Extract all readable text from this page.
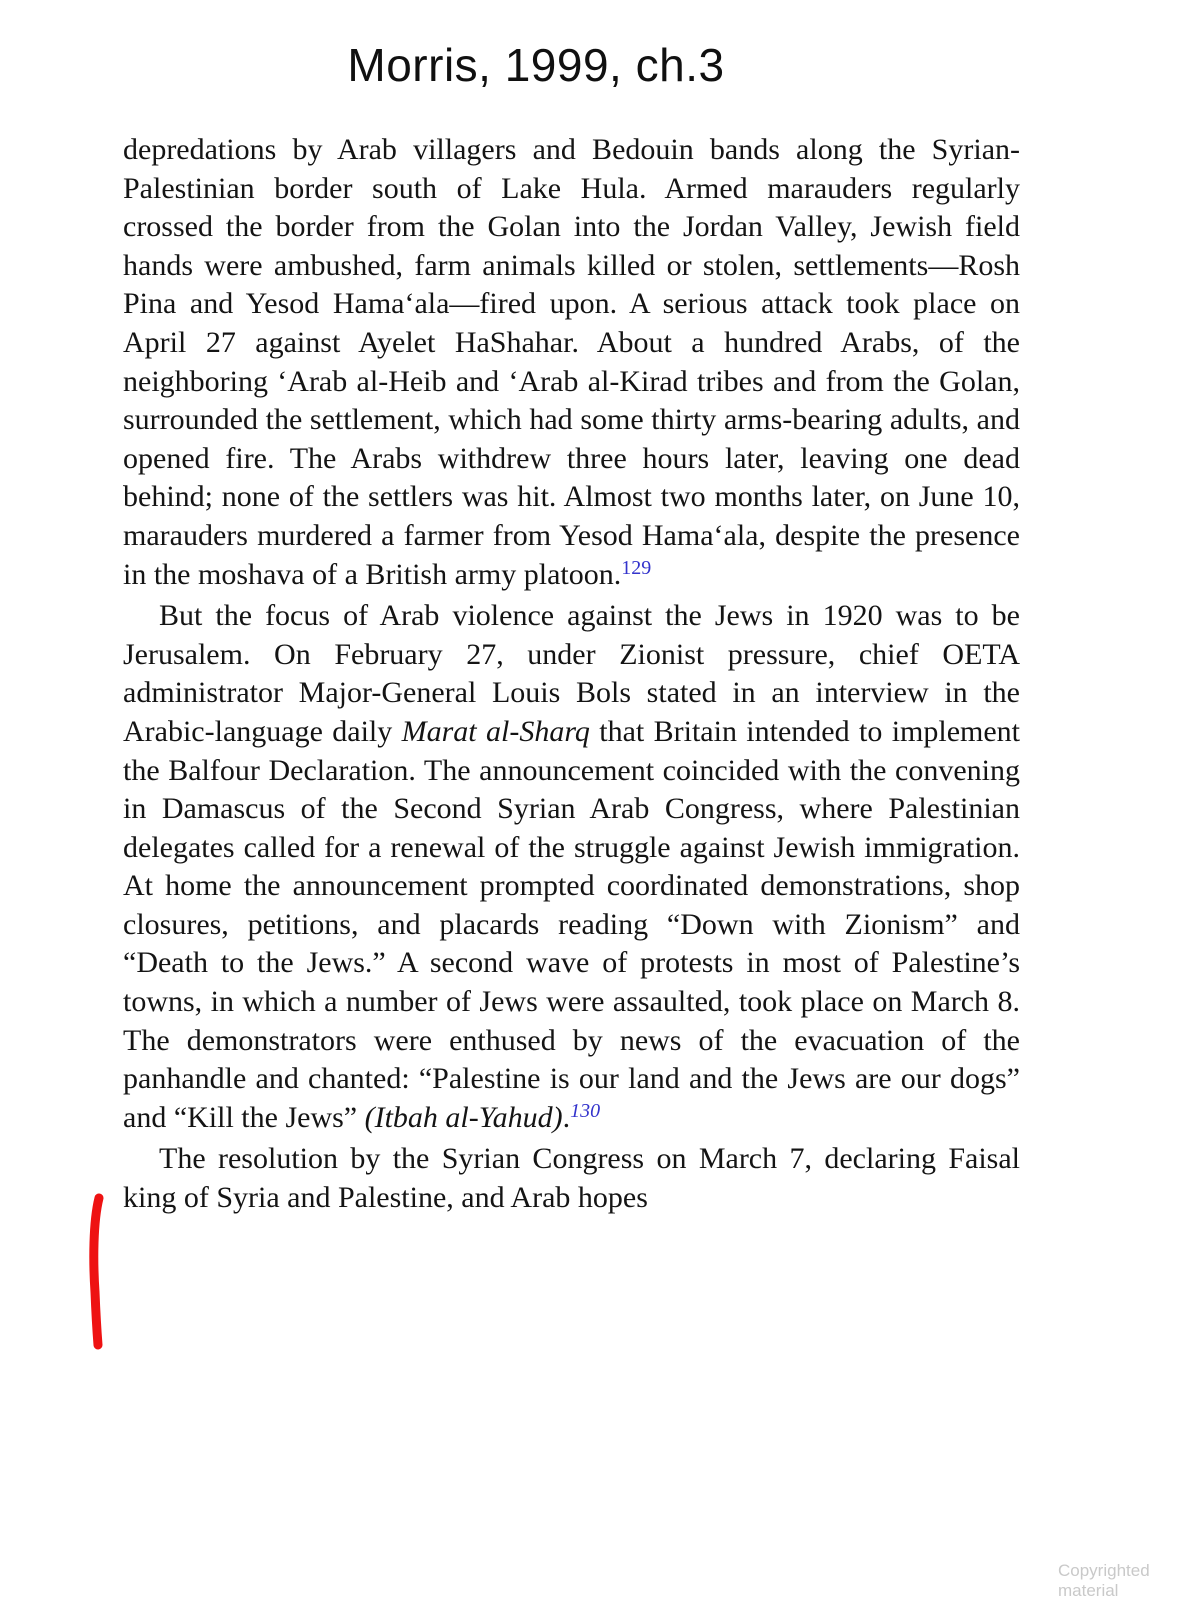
Morris, 1999, ch.3

depredations by Arab villagers and Bedouin bands along the Syrian-Palestinian border south of Lake Hula. Armed marauders regularly crossed the border from the Golan into the Jordan Valley, Jewish field hands were ambushed, farm animals killed or stolen, settlements—Rosh Pina and Yesod Hama‘ala—fired upon. A serious attack took place on April 27 against Ayelet HaShahar. About a hundred Arabs, of the neighboring ‘Arab al-Heib and ‘Arab al-Kirad tribes and from the Golan, surrounded the settlement, which had some thirty arms-bearing adults, and opened fire. The Arabs withdrew three hours later, leaving one dead behind; none of the settlers was hit. Almost two months later, on June 10, marauders murdered a farmer from Yesod Hama‘ala, despite the presence in the moshava of a British army platoon.$^{129}$

But the focus of Arab violence against the Jews in 1920 was to be Jerusalem. On February 27, under Zionist pressure, chief OETA administrator Major-General Louis Bols stated in an interview in the Arabic-language daily Marat al-Sharq that Britain intended to implement the Balfour Declaration. The announcement coincided with the convening in Damascus of the Second Syrian Arab Congress, where Palestinian delegates called for a renewal of the struggle against Jewish immigration. At home the announcement prompted coordinated demonstrations, shop closures, petitions, and placards reading “Down with Zionism” and “Death to the Jews.” A second wave of protests in most of Palestine’s towns, in which a number of Jews were assaulted, took place on March 8. The demonstrators were enthused by news of the evacuation of the panhandle and chanted: “Palestine is our land and the Jews are our dogs” and “Kill the Jews” (Itbah al-Yahud).$^{130}$

The resolution by the Syrian Congress on March 7, declaring Faisal king of Syria and Palestine, and Arab hopes

Copyrighted material
